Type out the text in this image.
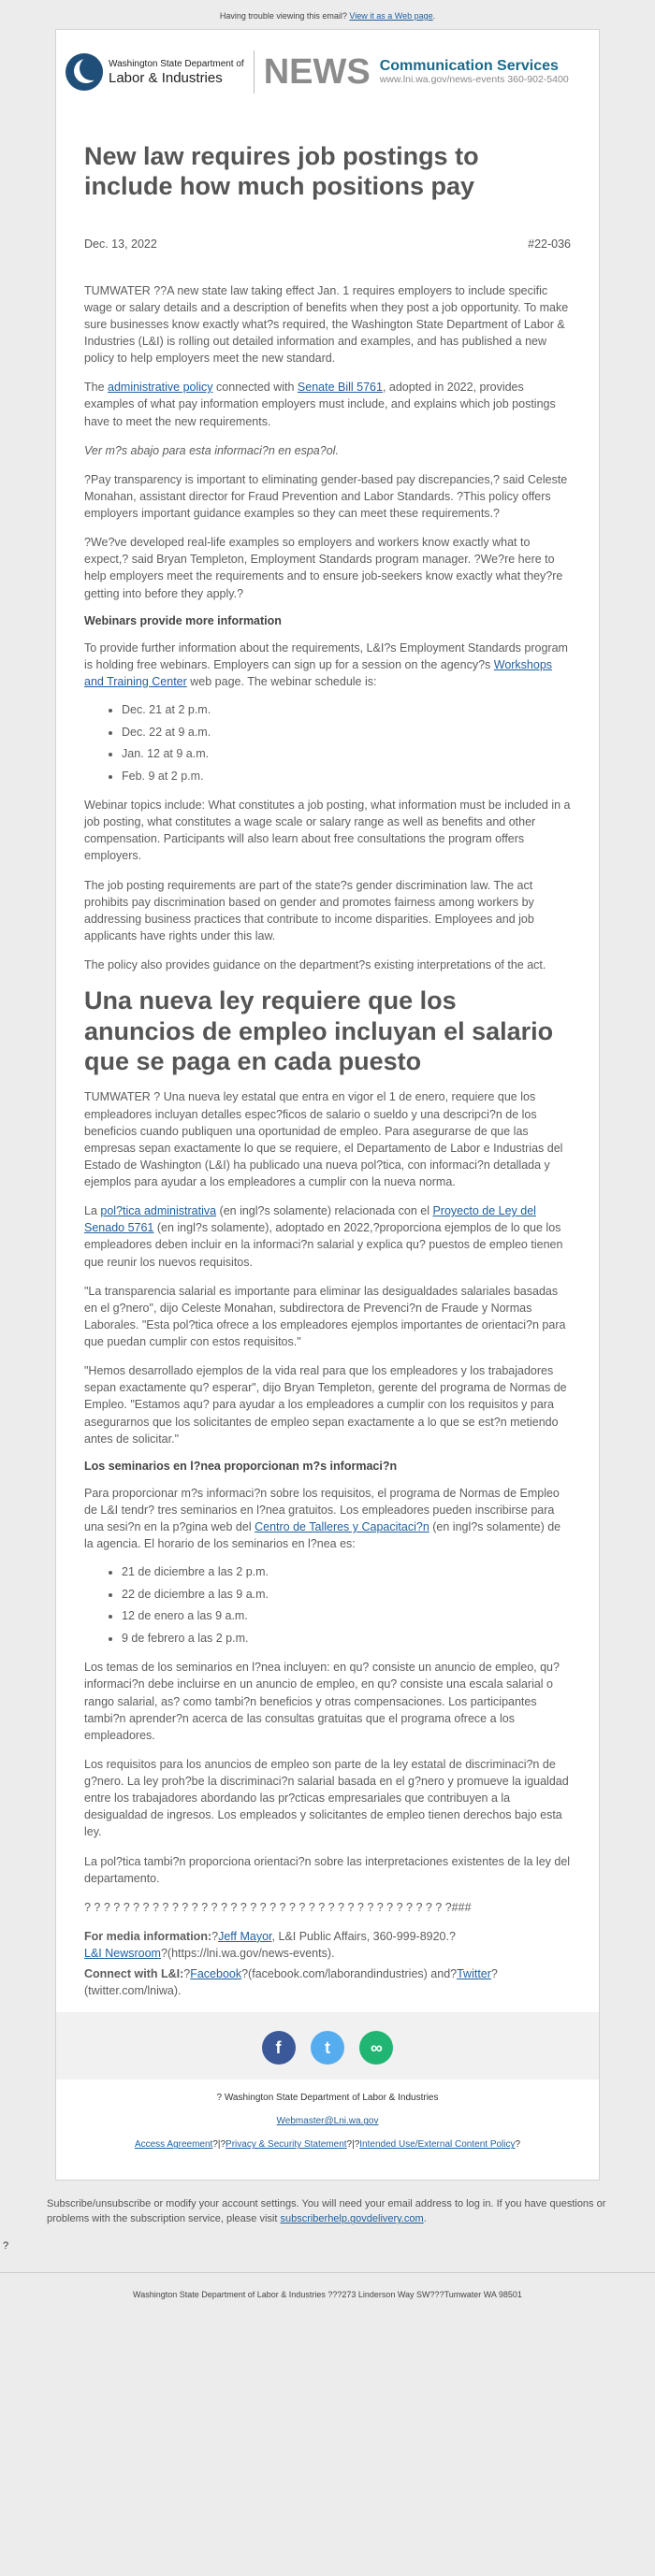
Having trouble viewing this email? View it as a Web page.
Washington State Department of
Labor & Industries	NEWS Communication Services
www.lni.wa.gov/news-events 360-902-5400
New law requires job postings to include how much positions pay
Dec. 13, 2022	#22-036

TUMWATER ??A new state law taking effect Jan. 1 requires employers to include specific wage or salary details and a description of benefits when they post a job opportunity. To make sure businesses know exactly what?s required, the Washington State Department of Labor & Industries (L&I) is rolling out detailed information and examples, and has published a new policy to help employers meet the new standard.

The administrative policy connected with Senate Bill 5761, adopted in 2022, provides examples of what pay information employers must include, and explains which job postings have to meet the new requirements.

Ver m?s abajo para esta informaci?n en espa?ol.

?Pay transparency is important to eliminating gender-based pay discrepancies,? said Celeste Monahan, assistant director for Fraud Prevention and Labor Standards. ?This policy offers employers important guidance examples so they can meet these requirements.?

?We?ve developed real-life examples so employers and workers know exactly what to expect,? said Bryan Templeton, Employment Standards program manager. ?We?re here to help employers meet the requirements and to ensure job-seekers know exactly what they?re getting into before they apply.?

Webinars provide more information

To provide further information about the requirements, L&I?s Employment Standards program is holding free webinars. Employers can sign up for a session on the agency?s Workshops and Training Center web page. The webinar schedule is:

• Dec. 21 at 2 p.m.
• Dec. 22 at 9 a.m.
• Jan. 12 at 9 a.m.
• Feb. 9 at 2 p.m.

Webinar topics include: What constitutes a job posting, what information must be included in a job posting, what constitutes a wage scale or salary range as well as benefits and other compensation. Participants will also learn about free consultations the program offers employers.

The job posting requirements are part of the state?s gender discrimination law. The act prohibits pay discrimination based on gender and promotes fairness among workers by addressing business practices that contribute to income disparities. Employees and job applicants have rights under this law.

The policy also provides guidance on the department?s existing interpretations of the act.

Una nueva ley requiere que los anuncios de empleo incluyan el salario que se paga en cada puesto

TUMWATER ? Una nueva ley estatal que entra en vigor el 1 de enero, requiere que los empleadores incluyan detalles espec?ficos de salario o sueldo y una descripci?n de los beneficios cuando publiquen una oportunidad de empleo. Para asegurarse de que las empresas sepan exactamente lo que se requiere, el Departamento de Labor e Industrias del Estado de Washington (L&I) ha publicado una nueva pol?tica, con informaci?n detallada y ejemplos para ayudar a los empleadores a cumplir con la nueva norma.

La pol?tica administrativa (en ingl?s solamente) relacionada con el Proyecto de Ley del Senado 5761 (en ingl?s solamente), adoptado en 2022,?proporciona ejemplos de lo que los empleadores deben incluir en la informaci?n salarial y explica qu? puestos de empleo tienen que reunir los nuevos requisitos.

"La transparencia salarial es importante para eliminar las desigualdades salariales basadas en el g?nero", dijo Celeste Monahan, subdirectora de Prevenci?n de Fraude y Normas Laborales. "Esta pol?tica ofrece a los empleadores ejemplos importantes de orientaci?n para que puedan cumplir con estos requisitos."

"Hemos desarrollado ejemplos de la vida real para que los empleadores y los trabajadores sepan exactamente qu? esperar", dijo Bryan Templeton, gerente del programa de Normas de Empleo. "Estamos aqu? para ayudar a los empleadores a cumplir con los requisitos y para asegurarnos que los solicitantes de empleo sepan exactamente a lo que se est?n metiendo antes de solicitar."

Los seminarios en l?nea proporcionan m?s informaci?n

Para proporcionar m?s informaci?n sobre los requisitos, el programa de Normas de Empleo de L&I tendr? tres seminarios en l?nea gratuitos. Los empleadores pueden inscribirse para una sesi?n en la p?gina web del Centro de Talleres y Capacitaci?n (en ingl?s solamente) de la agencia. El horario de los seminarios en l?nea es:

• 21 de diciembre a las 2 p.m.
• 22 de diciembre a las 9 a.m.
• 12 de enero a las 9 a.m.
• 9 de febrero a las 2 p.m.

Los temas de los seminarios en l?nea incluyen: en qu? consiste un anuncio de empleo, qu? informaci?n debe incluirse en un anuncio de empleo, en qu? consiste una escala salarial o rango salarial, as? como tambi?n beneficios y otras compensaciones. Los participantes tambi?n aprender?n acerca de las consultas gratuitas que el programa ofrece a los empleadores.

Los requisitos para los anuncios de empleo son parte de la ley estatal de discriminaci?n de g?nero. La ley proh?be la discriminaci?n salarial basada en el g?nero y promueve la igualdad entre los trabajadores abordando las pr?cticas empresariales que contribuyen a la desigualdad de ingresos. Los empleados y solicitantes de empleo tienen derechos bajo esta ley.

La pol?tica tambi?n proporciona orientaci?n sobre las interpretaciones existentes de la ley del departamento.

? ? ? ? ? ? ? ? ? ? ? ? ? ? ? ? ? ? ? ? ? ? ? ? ? ? ? ? ? ? ? ? ? ? ? ? ? ?###

For media information:?Jeff Mayor, L&I Public Affairs, 360-999-8920.?
L&I Newsroom?(https://lni.wa.gov/news-events).

Connect with L&I:?Facebook?(facebook.com/laborandindustries) and?Twitter?(twitter.com/lniwa).

f	t ∞
? Washington State Department of Labor & Industries
Webmaster@Lni.wa.gov
Access Agreement?|?Privacy & Security Statement?|?Intended Use/External Content Policy?
Subscribe/unsubscribe or modify your account settings. You will need your email address to log in. If you have questions or problems with the subscription service, please visit subscriberhelp.govdelivery.com.
?
Washington State Department of Labor & Industries ???273 Linderson Way SW???Tumwater WA 98501
